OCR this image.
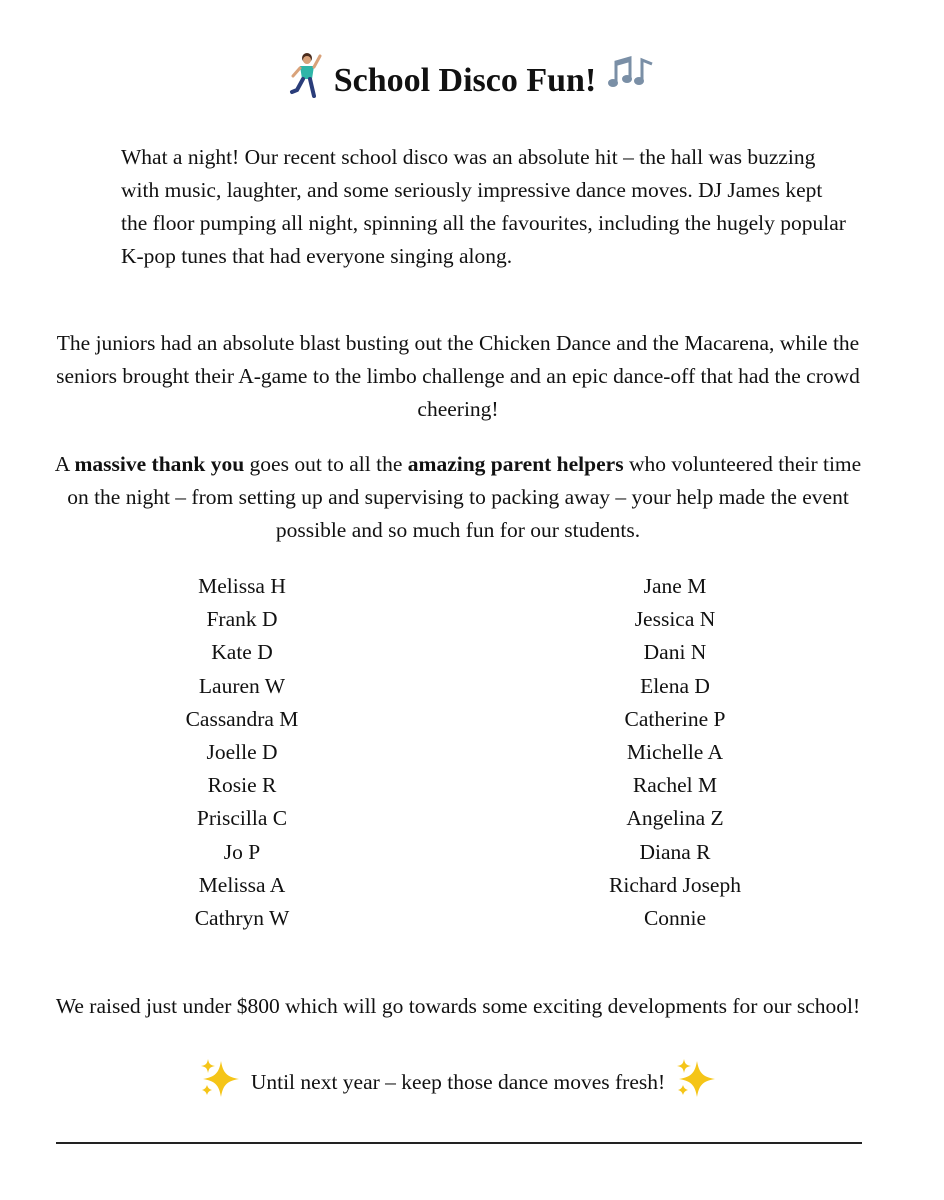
School Disco Fun!

What a night! Our recent school disco was an absolute hit – the hall was buzzing with music, laughter, and some seriously impressive dance moves. DJ James kept the floor pumping all night, spinning all the favourites, including the hugely popular K-pop tunes that had everyone singing along.

The juniors had an absolute blast busting out the Chicken Dance and the Macarena, while the seniors brought their A-game to the limbo challenge and an epic dance-off that had the crowd cheering!

A massive thank you goes out to all the amazing parent helpers who volunteered their time on the night – from setting up and supervising to packing away – your help made the event possible and so much fun for our students.

Melissa H
Frank D
Kate D
Lauren W
Cassandra M
Joelle D
Rosie R
Priscilla C
Jo P
Melissa A
Cathryn W
Jane M
Jessica N
Dani N
Elena D
Catherine P
Michelle A
Rachel M
Angelina Z
Diana R
Richard Joseph
Connie

We raised just under $800 which will go towards some exciting developments for our school!

Until next year – keep those dance moves fresh!
